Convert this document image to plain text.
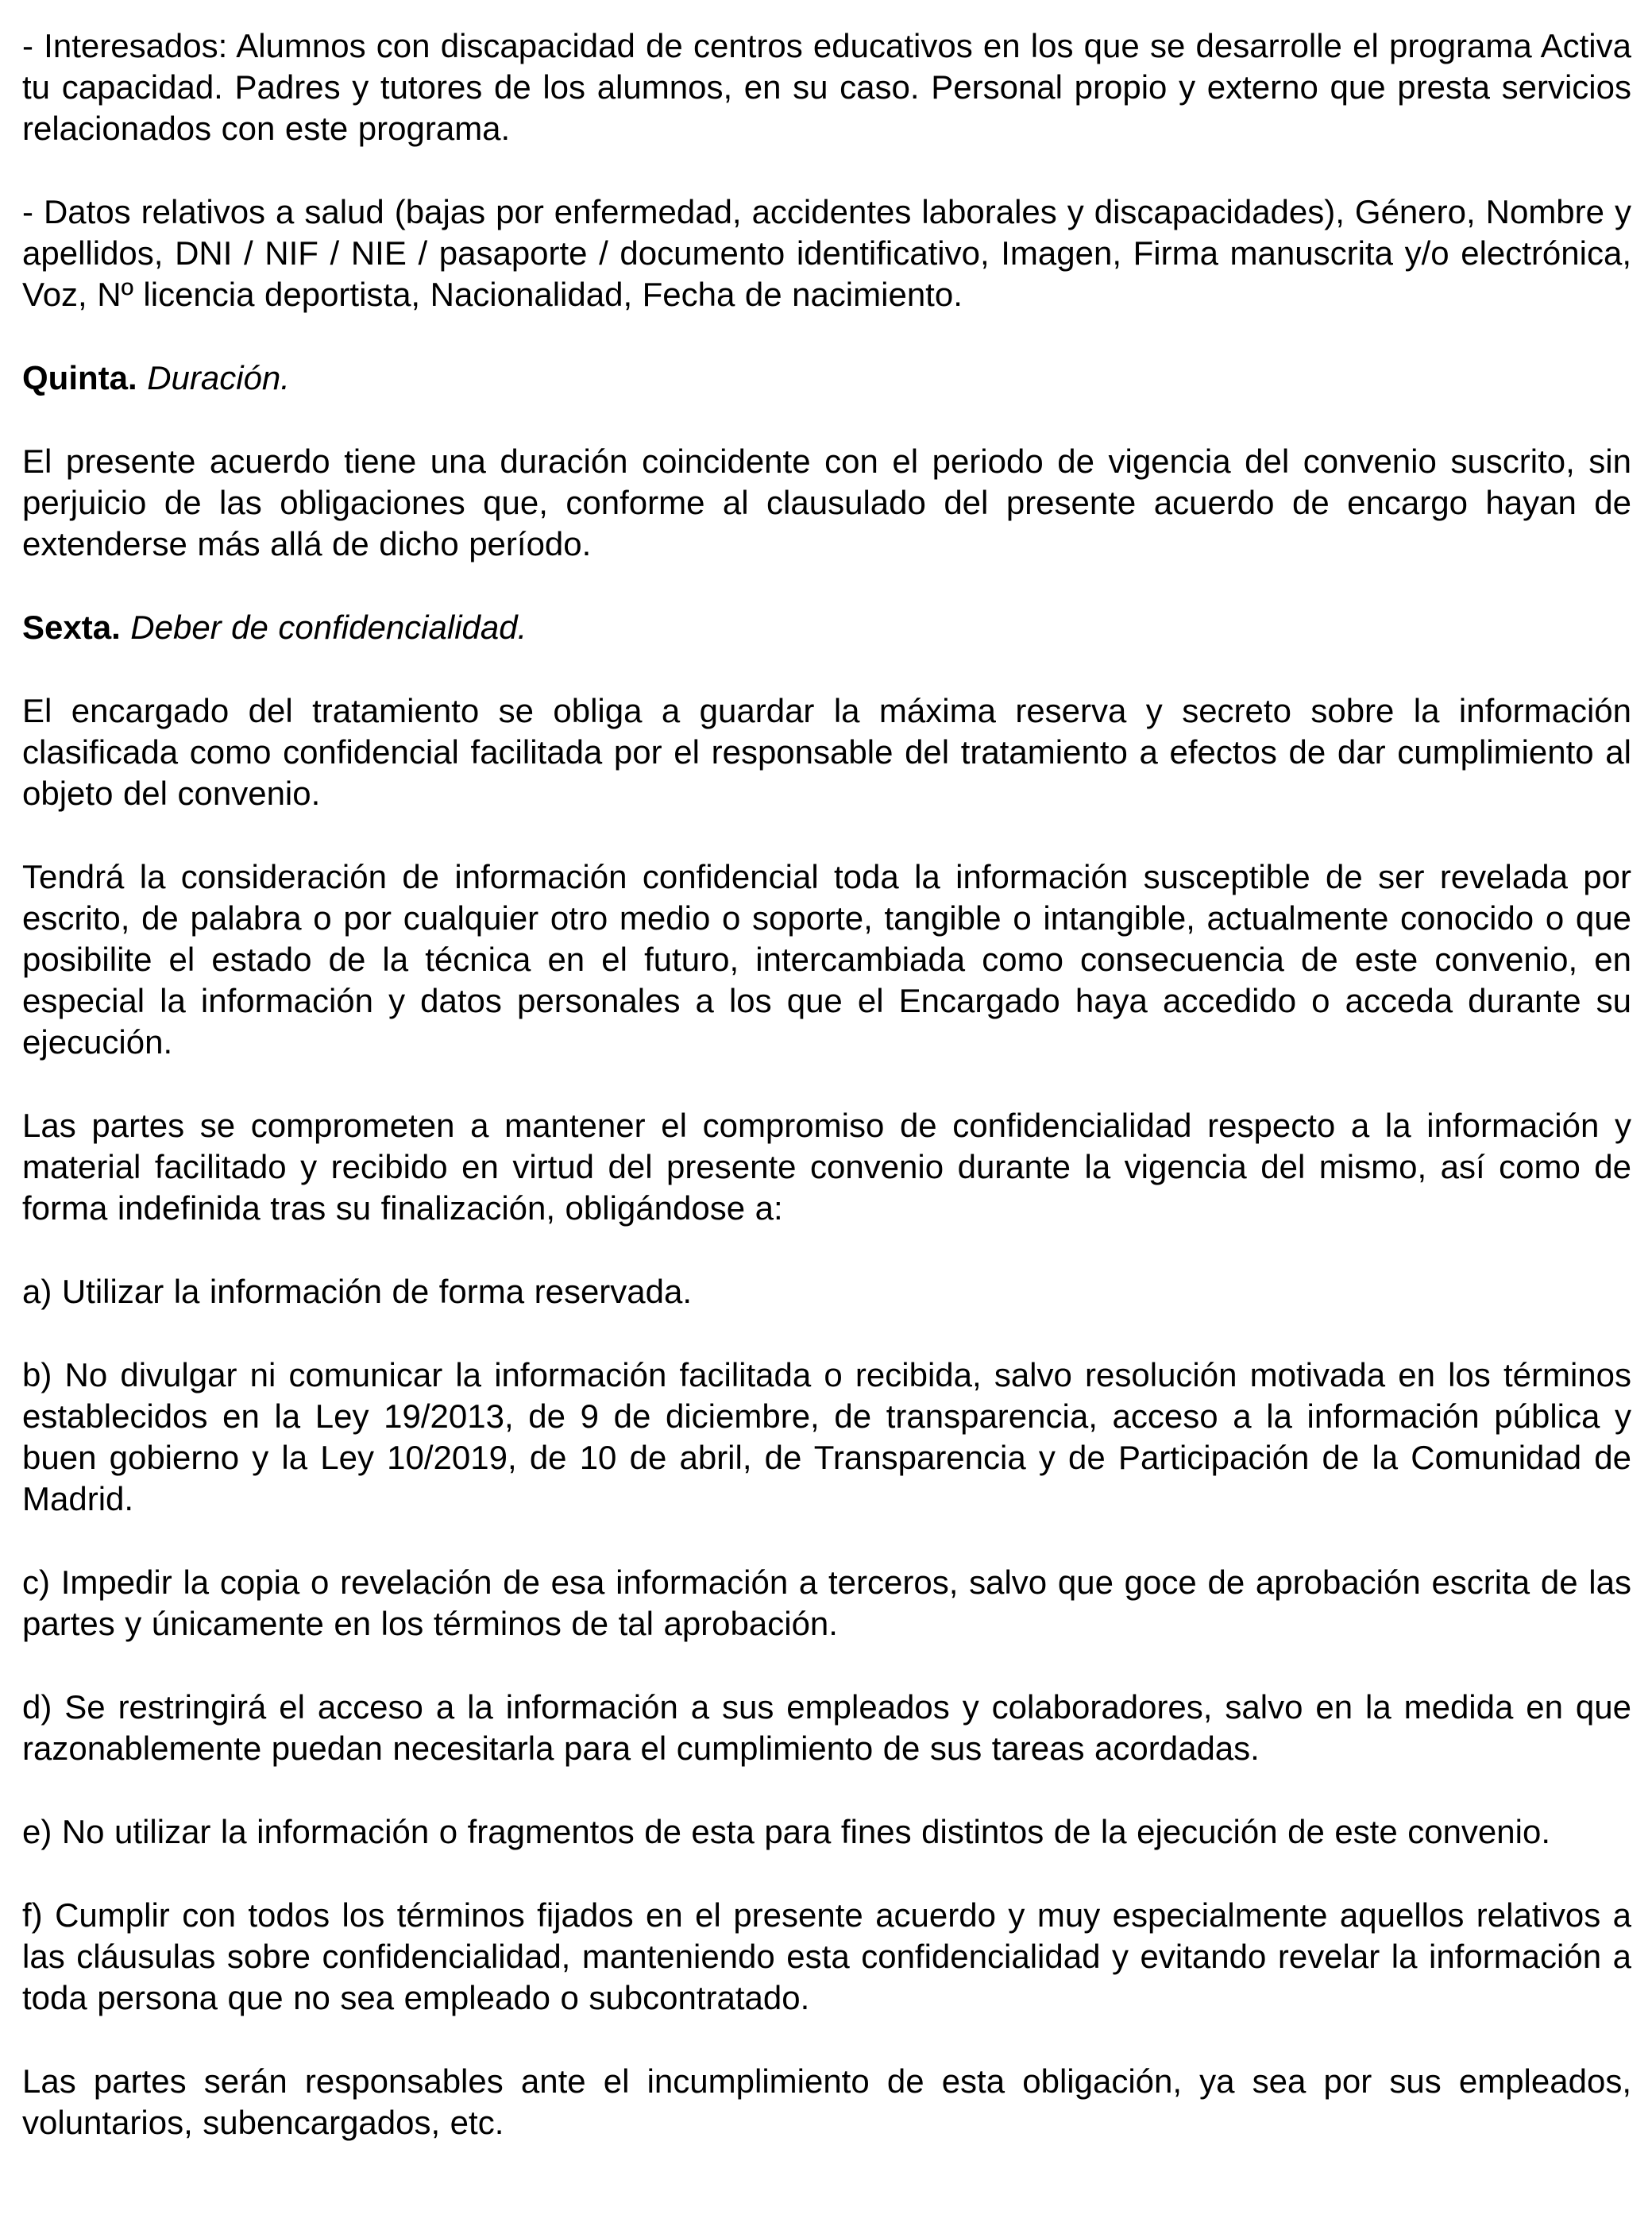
- Interesados: Alumnos con discapacidad de centros educativos en los que se desarrolle el programa Activa tu capacidad. Padres y tutores de los alumnos, en su caso. Personal propio y externo que presta servicios relacionados con este programa.

- Datos relativos a salud (bajas por enfermedad, accidentes laborales y discapacidades), Género, Nombre y apellidos, DNI / NIF / NIE / pasaporte / documento identificativo, Imagen, Firma manuscrita y/o electrónica, Voz, Nº licencia deportista, Nacionalidad, Fecha de nacimiento.

Quinta. Duración.

El presente acuerdo tiene una duración coincidente con el periodo de vigencia del convenio suscrito, sin perjuicio de las obligaciones que, conforme al clausulado del presente acuerdo de encargo hayan de extenderse más allá de dicho período.

Sexta. Deber de confidencialidad.

El encargado del tratamiento se obliga a guardar la máxima reserva y secreto sobre la información clasificada como confidencial facilitada por el responsable del tratamiento a efectos de dar cumplimiento al objeto del convenio.

Tendrá la consideración de información confidencial toda la información susceptible de ser revelada por escrito, de palabra o por cualquier otro medio o soporte, tangible o intangible, actualmente conocido o que posibilite el estado de la técnica en el futuro, intercambiada como consecuencia de este convenio, en especial la información y datos personales a los que el Encargado haya accedido o acceda durante su ejecución.

Las partes se comprometen a mantener el compromiso de confidencialidad respecto a la información y material facilitado y recibido en virtud del presente convenio durante la vigencia del mismo, así como de forma indefinida tras su finalización, obligándose a:

a) Utilizar la información de forma reservada.

b) No divulgar ni comunicar la información facilitada o recibida, salvo resolución motivada en los términos establecidos en la Ley 19/2013, de 9 de diciembre, de transparencia, acceso a la información pública y buen gobierno y la Ley 10/2019, de 10 de abril, de Transparencia y de Participación de la Comunidad de Madrid.

c) Impedir la copia o revelación de esa información a terceros, salvo que goce de aprobación escrita de las partes y únicamente en los términos de tal aprobación.

d) Se restringirá el acceso a la información a sus empleados y colaboradores, salvo en la medida en que razonablemente puedan necesitarla para el cumplimiento de sus tareas acordadas.

e) No utilizar la información o fragmentos de esta para fines distintos de la ejecución de este convenio.

f) Cumplir con todos los términos fijados en el presente acuerdo y muy especialmente aquellos relativos a las cláusulas sobre confidencialidad, manteniendo esta confidencialidad y evitando revelar la información a toda persona que no sea empleado o subcontratado.

Las partes serán responsables ante el incumplimiento de esta obligación, ya sea por sus empleados, voluntarios, subencargados, etc.
